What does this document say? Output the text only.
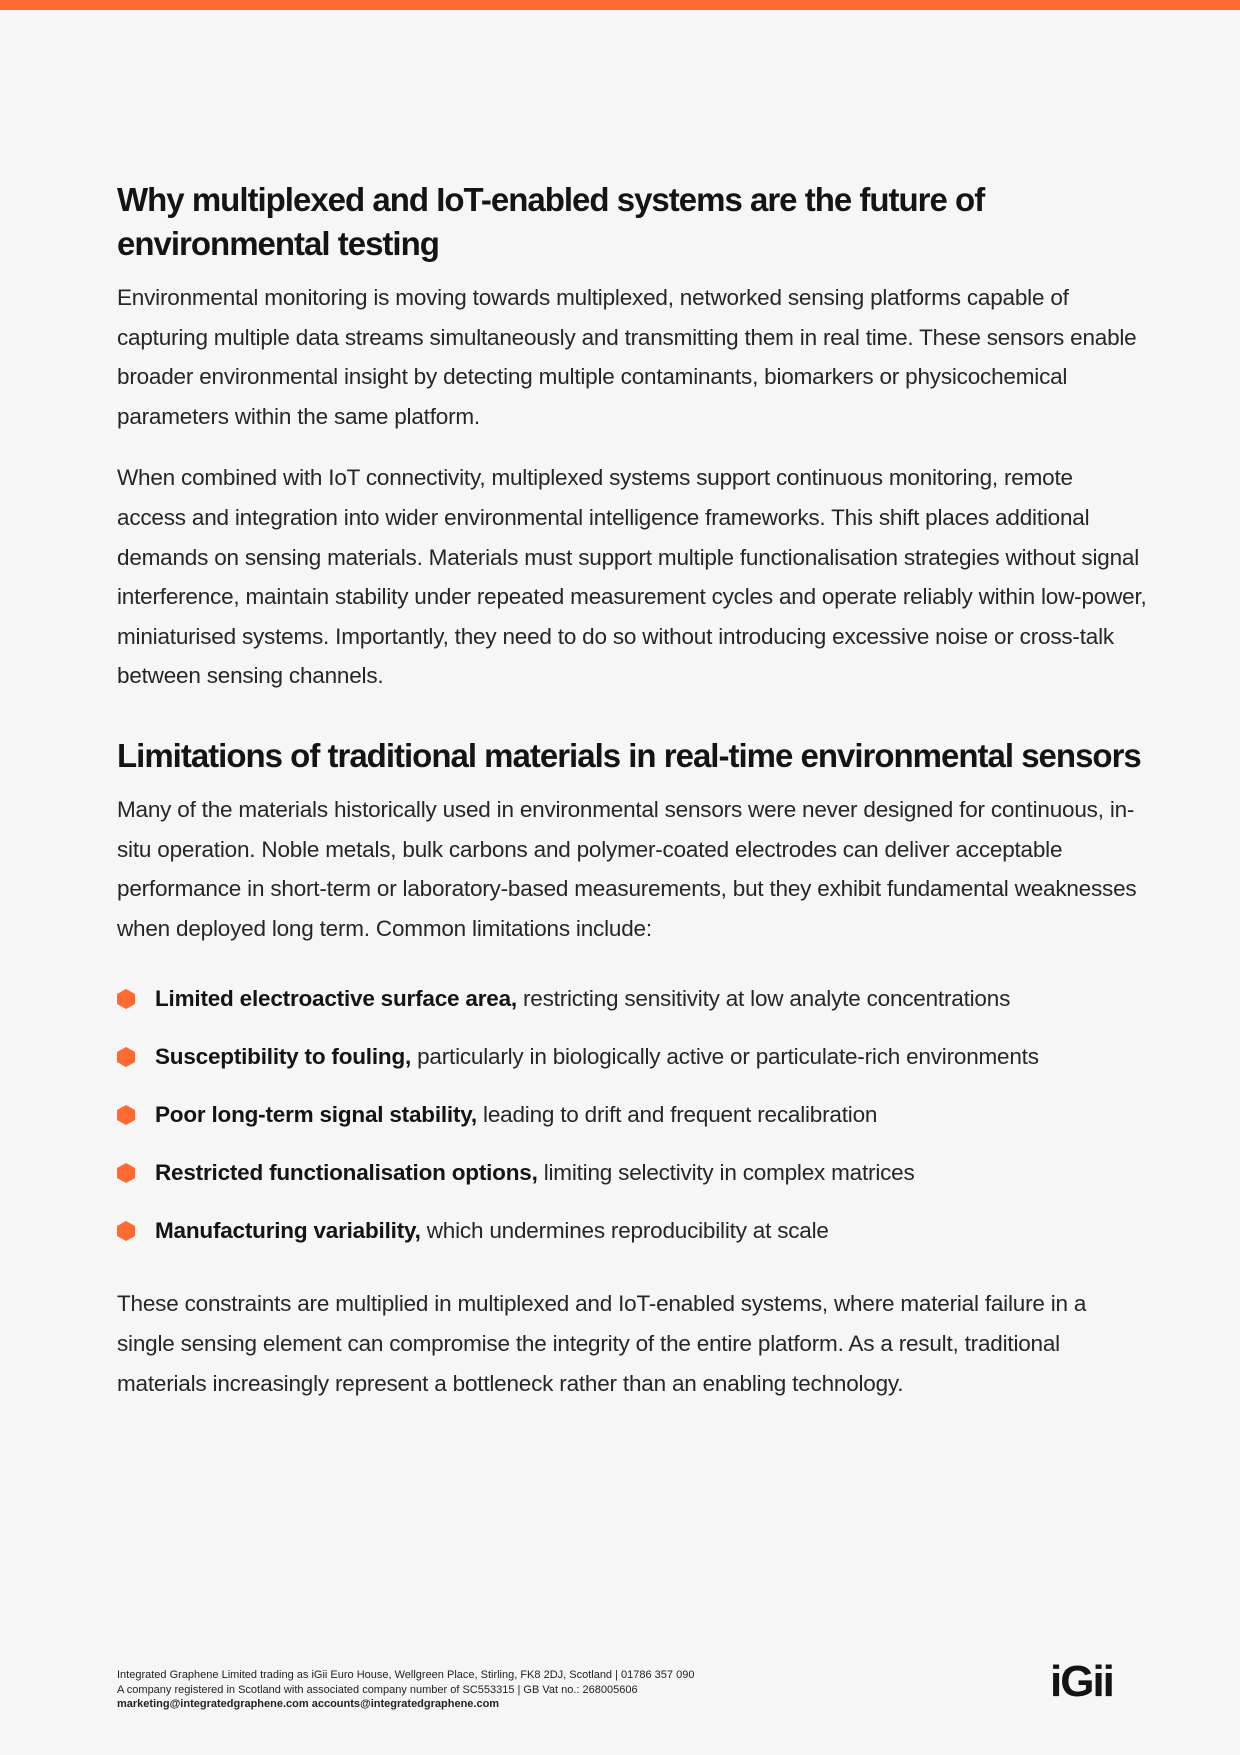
Why multiplexed and IoT-enabled systems are the future of environmental testing

Environmental monitoring is moving towards multiplexed, networked sensing platforms capable of capturing multiple data streams simultaneously and transmitting them in real time. These sensors enable broader environmental insight by detecting multiple contaminants, biomarkers or physicochemical parameters within the same platform.

When combined with IoT connectivity, multiplexed systems support continuous monitoring, remote access and integration into wider environmental intelligence frameworks. This shift places additional demands on sensing materials. Materials must support multiple functionalisation strategies without signal interference, maintain stability under repeated measurement cycles and operate reliably within low-power, miniaturised systems. Importantly, they need to do so without introducing excessive noise or cross-talk between sensing channels.

Limitations of traditional materials in real-time environmental sensors

Many of the materials historically used in environmental sensors were never designed for continuous, in-situ operation. Noble metals, bulk carbons and polymer-coated electrodes can deliver acceptable performance in short-term or laboratory-based measurements, but they exhibit fundamental weaknesses when deployed long term. Common limitations include:

Limited electroactive surface area, restricting sensitivity at low analyte concentrations
Susceptibility to fouling, particularly in biologically active or particulate-rich environments
Poor long-term signal stability, leading to drift and frequent recalibration
Restricted functionalisation options, limiting selectivity in complex matrices
Manufacturing variability, which undermines reproducibility at scale

These constraints are multiplied in multiplexed and IoT-enabled systems, where material failure in a single sensing element can compromise the integrity of the entire platform. As a result, traditional materials increasingly represent a bottleneck rather than an enabling technology.

Integrated Graphene Limited trading as iGii Euro House, Wellgreen Place, Stirling, FK8 2DJ, Scotland | 01786 357 090
A company registered in Scotland with associated company number of SC553315 | GB Vat no.: 268005606
marketing@integratedgraphene.com accounts@integratedgraphene.com	iGii
